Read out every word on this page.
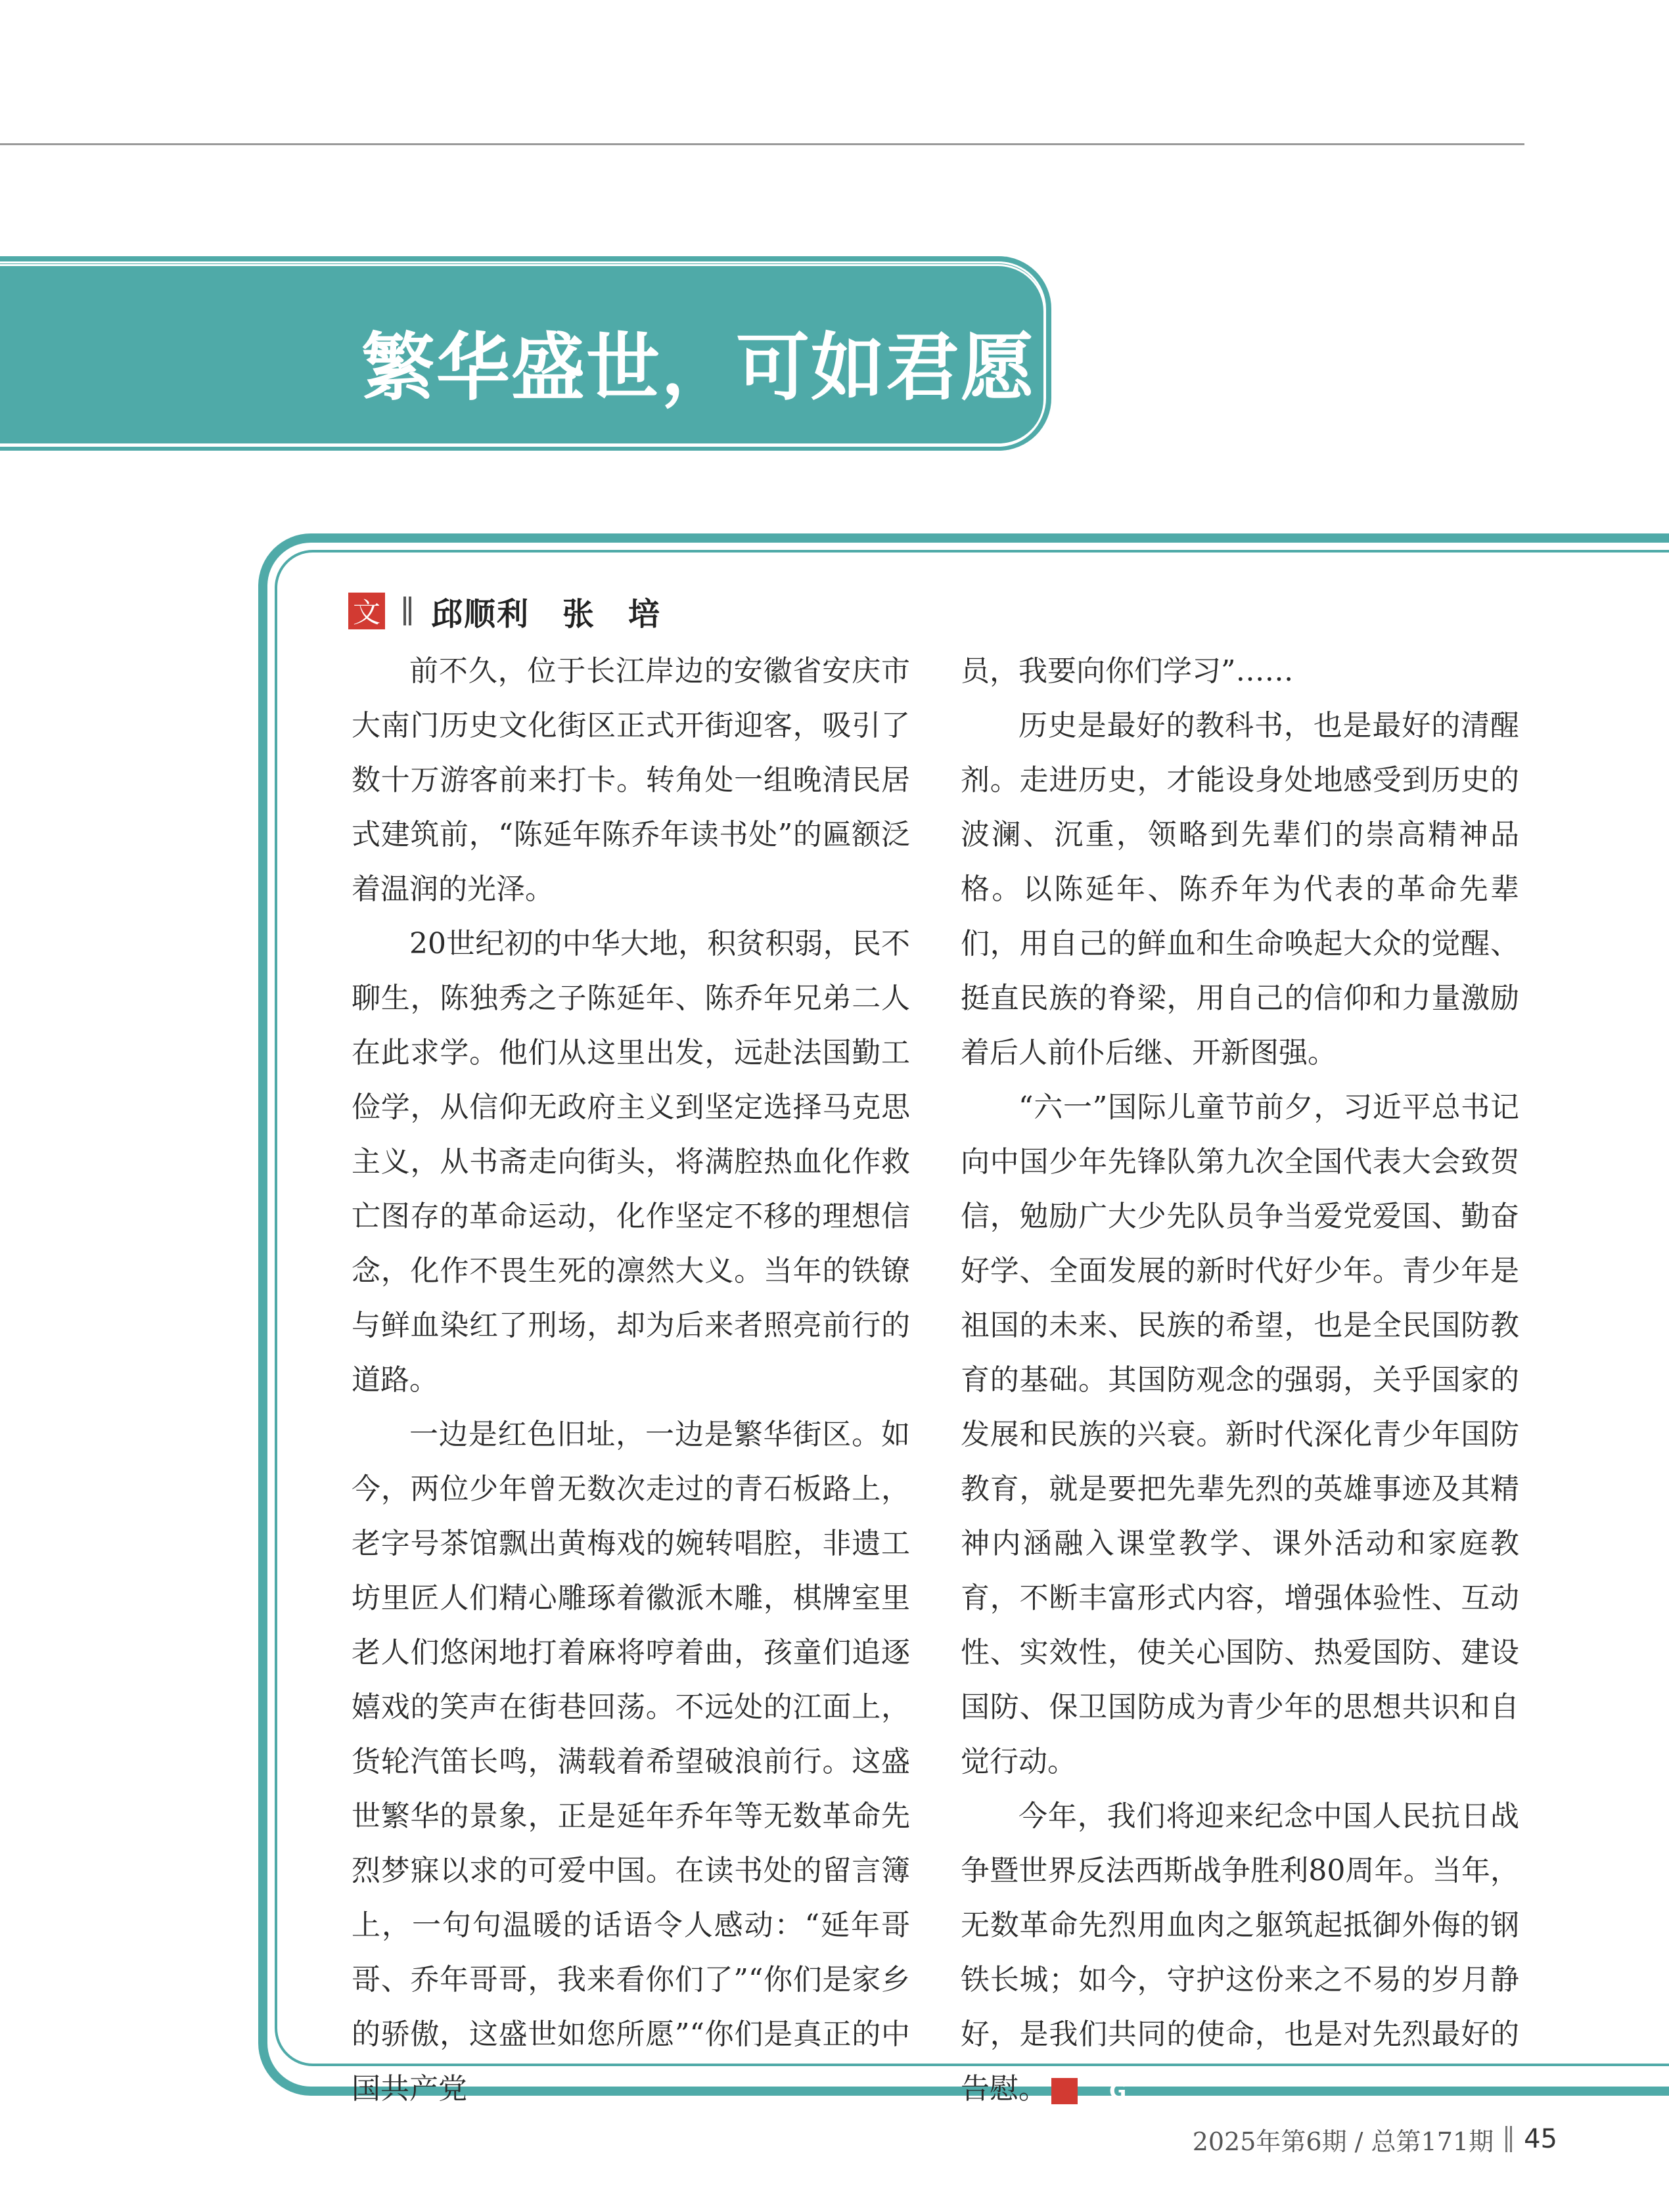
繁华盛世，可如君愿
文 邱顺利　张　培

前不久，位于长江岸边的安徽省安庆市大南门历史文化街区正式开街迎客，吸引了数十万游客前来打卡。转角处一组晚清民居式建筑前，“陈延年陈乔年读书处”的匾额泛着温润的光泽。

20世纪初的中华大地，积贫积弱，民不聊生，陈独秀之子陈延年、陈乔年兄弟二人在此求学。他们从这里出发，远赴法国勤工俭学，从信仰无政府主义到坚定选择马克思主义，从书斋走向街头，将满腔热血化作救亡图存的革命运动，化作坚定不移的理想信念，化作不畏生死的凛然大义。当年的铁镣与鲜血染红了刑场，却为后来者照亮前行的道路。

一边是红色旧址，一边是繁华街区。如今，两位少年曾无数次走过的青石板路上，老字号茶馆飘出黄梅戏的婉转唱腔，非遗工坊里匠人们精心雕琢着徽派木雕，棋牌室里老人们悠闲地打着麻将哼着曲，孩童们追逐嬉戏的笑声在街巷回荡。不远处的江面上，货轮汽笛长鸣，满载着希望破浪前行。这盛世繁华的景象，正是延年乔年等无数革命先烈梦寐以求的可爱中国。在读书处的留言簿上，一句句温暖的话语令人感动：“延年哥哥、乔年哥哥，我来看你们了”“你们是家乡的骄傲，这盛世如您所愿”“你们是真正的中国共产党

员，我要向你们学习”……

历史是最好的教科书，也是最好的清醒剂。走进历史，才能设身处地感受到历史的波澜、沉重，领略到先辈们的崇高精神品格。以陈延年、陈乔年为代表的革命先辈们，用自己的鲜血和生命唤起大众的觉醒、挺直民族的脊梁，用自己的信仰和力量激励着后人前仆后继、开新图强。

“六一”国际儿童节前夕，习近平总书记向中国少年先锋队第九次全国代表大会致贺信，勉励广大少先队员争当爱党爱国、勤奋好学、全面发展的新时代好少年。青少年是祖国的未来、民族的希望，也是全民国防教育的基础。其国防观念的强弱，关乎国家的发展和民族的兴衰。新时代深化青少年国防教育，就是要把先辈先烈的英雄事迹及其精神内涵融入课堂教学、课外活动和家庭教育，不断丰富形式内容，增强体验性、互动性、实效性，使关心国防、热爱国防、建设国防、保卫国防成为青少年的思想共识和自觉行动。

今年，我们将迎来纪念中国人民抗日战争暨世界反法西斯战争胜利80周年。当年，无数革命先烈用血肉之躯筑起抵御外侮的钢铁长城；如今，守护这份来之不易的岁月静好，是我们共同的使命，也是对先烈最好的告慰。	G

2025年第6期 / 总第171期 45
